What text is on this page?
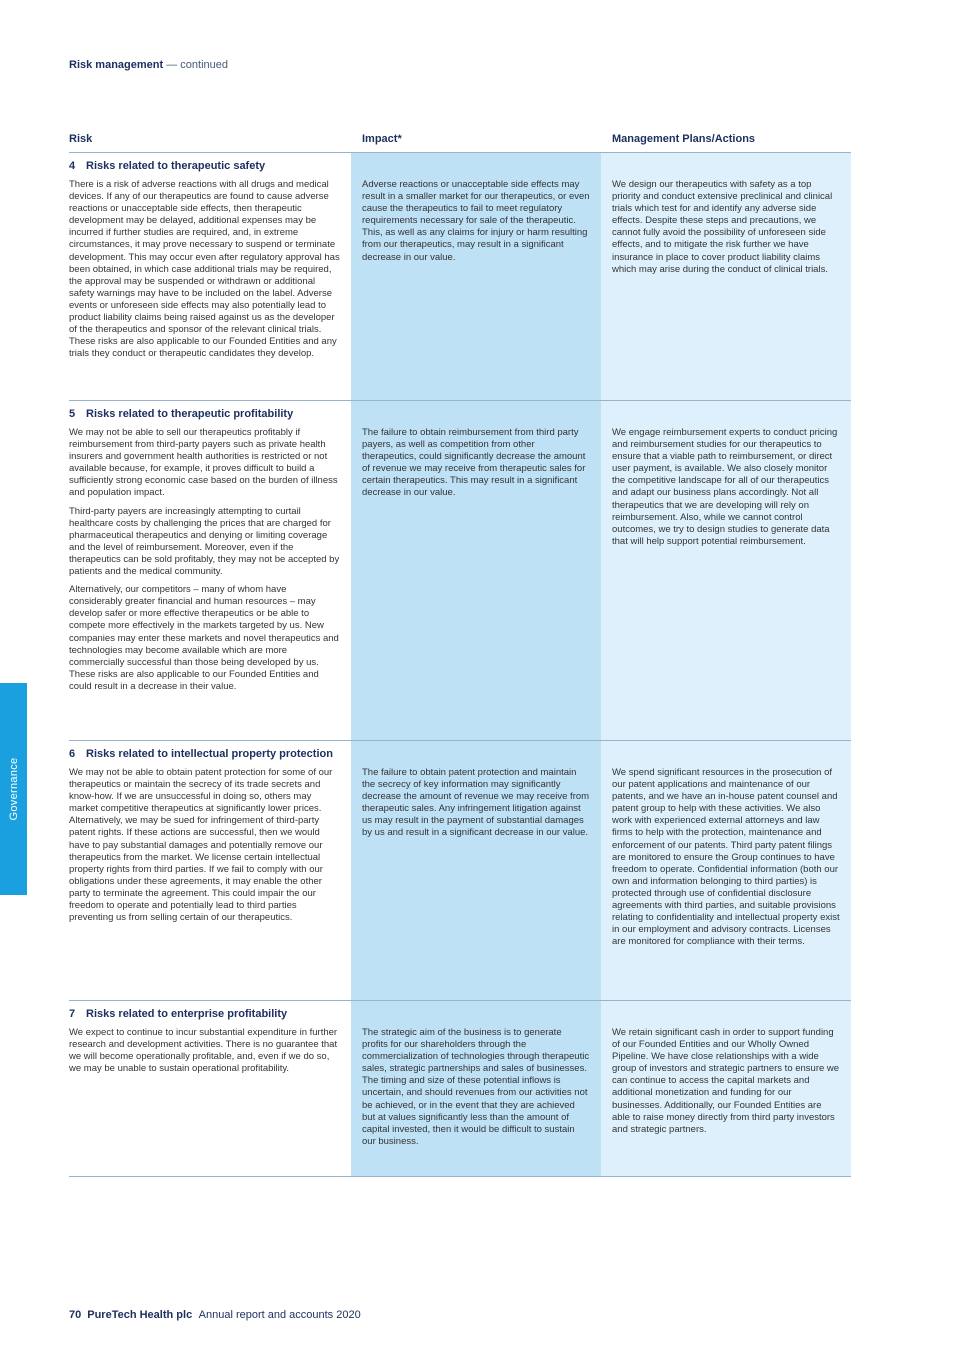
Risk management — continued
Governance
Risk	Impact*	Management Plans/Actions
4 Risks related to therapeutic safety

There is a risk of adverse reactions with all drugs and medical devices. If any of our therapeutics are found to cause adverse reactions or unacceptable side effects, then therapeutic development may be delayed, additional expenses may be incurred if further studies are required, and, in extreme circumstances, it may prove necessary to suspend or terminate development. This may occur even after regulatory approval has been obtained, in which case additional trials may be required, the approval may be suspended or withdrawn or additional safety warnings may have to be included on the label. Adverse events or unforeseen side effects may also potentially lead to product liability claims being raised against us as the developer of the therapeutics and sponsor of the relevant clinical trials. These risks are also applicable to our Founded Entities and any trials they conduct or therapeutic candidates they develop.

Adverse reactions or unacceptable side effects may result in a smaller market for our therapeutics, or even cause the therapeutics to fail to meet regulatory requirements necessary for sale of the therapeutic. This, as well as any claims for injury or harm resulting from our therapeutics, may result in a significant decrease in our value.
We design our therapeutics with safety as a top priority and conduct extensive preclinical and clinical trials which test for and identify any adverse side effects. Despite these steps and precautions, we cannot fully avoid the possibility of unforeseen side effects, and to mitigate the risk further we have insurance in place to cover product liability claims which may arise during the conduct of clinical trials.
5 Risks related to therapeutic profitability

We may not be able to sell our therapeutics profitably if reimbursement from third-party payers such as private health insurers and government health authorities is restricted or not available because, for example, it proves difficult to build a sufficiently strong economic case based on the burden of illness and population impact.

Third-party payers are increasingly attempting to curtail healthcare costs by challenging the prices that are charged for pharmaceutical therapeutics and denying or limiting coverage and the level of reimbursement. Moreover, even if the therapeutics can be sold profitably, they may not be accepted by patients and the medical community.

Alternatively, our competitors – many of whom have considerably greater financial and human resources – may develop safer or more effective therapeutics or be able to compete more effectively in the markets targeted by us. New companies may enter these markets and novel therapeutics and technologies may become available which are more commercially successful than those being developed by us. These risks are also applicable to our Founded Entities and could result in a decrease in their value.

The failure to obtain reimbursement from third party payers, as well as competition from other therapeutics, could significantly decrease the amount of revenue we may receive from therapeutic sales for certain therapeutics. This may result in a significant decrease in our value.
We engage reimbursement experts to conduct pricing and reimbursement studies for our therapeutics to ensure that a viable path to reimbursement, or direct user payment, is available. We also closely monitor the competitive landscape for all of our therapeutics and adapt our business plans accordingly. Not all therapeutics that we are developing will rely on reimbursement. Also, while we cannot control outcomes, we try to design studies to generate data that will help support potential reimbursement.
6 Risks related to intellectual property protection

We may not be able to obtain patent protection for some of our therapeutics or maintain the secrecy of its trade secrets and know-how. If we are unsuccessful in doing so, others may market competitive therapeutics at significantly lower prices. Alternatively, we may be sued for infringement of third-party patent rights. If these actions are successful, then we would have to pay substantial damages and potentially remove our therapeutics from the market. We license certain intellectual property rights from third parties. If we fail to comply with our obligations under these agreements, it may enable the other party to terminate the agreement. This could impair the our freedom to operate and potentially lead to third parties preventing us from selling certain of our therapeutics.

The failure to obtain patent protection and maintain the secrecy of key information may significantly decrease the amount of revenue we may receive from therapeutic sales. Any infringement litigation against us may result in the payment of substantial damages by us and result in a significant decrease in our value.
We spend significant resources in the prosecution of our patent applications and maintenance of our patents, and we have an in-house patent counsel and patent group to help with these activities. We also work with experienced external attorneys and law firms to help with the protection, maintenance and enforcement of our patents. Third party patent filings are monitored to ensure the Group continues to have freedom to operate. Confidential information (both our own and information belonging to third parties) is protected through use of confidential disclosure agreements with third parties, and suitable provisions relating to confidentiality and intellectual property exist in our employment and advisory contracts. Licenses are monitored for compliance with their terms.
7 Risks related to enterprise profitability

We expect to continue to incur substantial expenditure in further research and development activities. There is no guarantee that we will become operationally profitable, and, even if we do so, we may be unable to sustain operational profitability.

The strategic aim of the business is to generate profits for our shareholders through the commercialization of technologies through therapeutic sales, strategic partnerships and sales of businesses. The timing and size of these potential inflows is uncertain, and should revenues from our activities not be achieved, or in the event that they are achieved but at values significantly less than the amount of capital invested, then it would be difficult to sustain our business.
We retain significant cash in order to support funding of our Founded Entities and our Wholly Owned Pipeline. We have close relationships with a wide group of investors and strategic partners to ensure we can continue to access the capital markets and additional monetization and funding for our businesses. Additionally, our Founded Entities are able to raise money directly from third party investors and strategic partners.
70 PureTech Health plc Annual report and accounts 2020
